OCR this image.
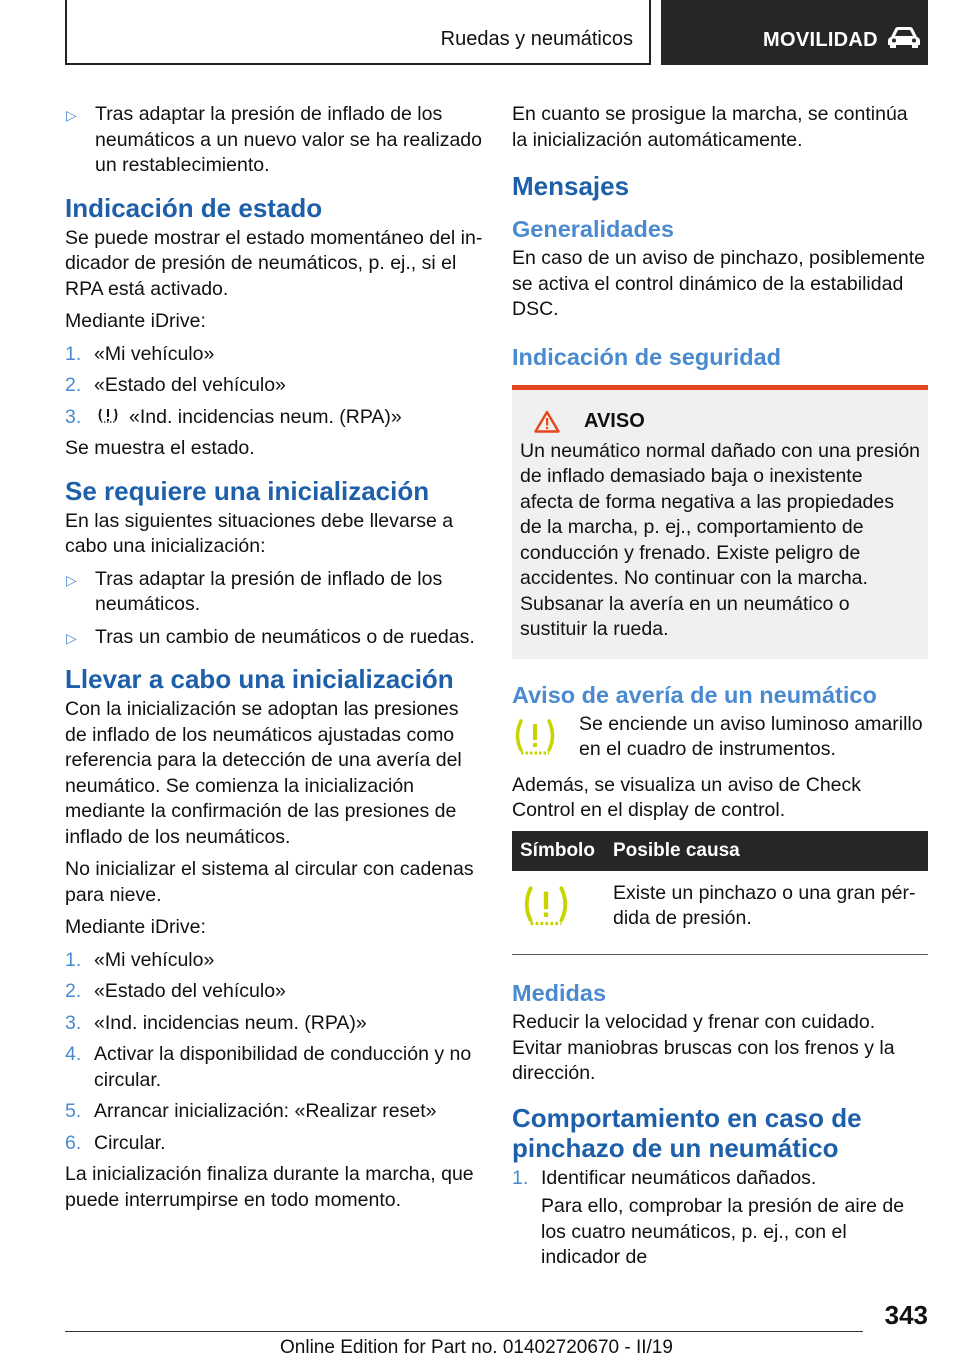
Ruedas y neumáticos	MOVILIDAD
▷ Tras adaptar la presión de inflado de los neumáticos a un nuevo valor se ha realizado un restablecimiento.
Indicación de estado

Se puede mostrar el estado momentáneo del indicador de presión de neumáticos, p. ej., si el RPA está activado.

Mediante iDrive:

1. «Mi vehículo»
2. «Estado del vehículo»
3. «Ind. incidencias neum. (RPA)»

Se muestra el estado.

Se requiere una inicialización

En las siguientes situaciones debe llevarse a cabo una inicialización:

▷ Tras adaptar la presión de inflado de los neumáticos.
▷ Tras un cambio de neumáticos o de ruedas.
Llevar a cabo una inicialización

Con la inicialización se adoptan las presiones de inflado de los neumáticos ajustadas como referencia para la detección de una avería del neumático. Se comienza la inicialización mediante la confirmación de las presiones de inflado de los neumáticos.

No inicializar el sistema al circular con cadenas para nieve.

Mediante iDrive:

1. «Mi vehículo»
2. «Estado del vehículo»
3. «Ind. incidencias neum. (RPA)»
4. Activar la disponibilidad de conducción y no circular.
5. Arrancar inicialización: «Realizar reset»
6. Circular.

La inicialización finaliza durante la marcha, que puede interrumpirse en todo momento.

En cuanto se prosigue la marcha, se continúa la inicialización automáticamente.

Mensajes
Generalidades

En caso de un aviso de pinchazo, posiblemente se activa el control dinámico de la estabilidad DSC.

Indicación de seguridad
AVISO

Un neumático normal dañado con una presión de inflado demasiado baja o inexistente afecta de forma negativa a las propiedades de la marcha, p. ej., comportamiento de conducción y frenado. Existe peligro de accidentes. No continuar con la marcha. Subsanar la avería en un neumático o sustituir la rueda.

Aviso de avería de un neumático

Se enciende un aviso luminoso amarillo en el cuadro de instrumentos.

Además, se visualiza un aviso de Check Control en el display de control.

Símbolo	Posible causa
	Existe un pinchazo o una gran pérdida de presión.
Medidas

Reducir la velocidad y frenar con cuidado. Evitar maniobras bruscas con los frenos y la dirección.

Comportamiento en caso de pinchazo de un neumático
1. Identificar neumáticos dañados.
Para ello, comprobar la presión de aire de los cuatro neumáticos, p. ej., con el indicador de
343
Online Edition for Part no. 01402720670 - II/19
